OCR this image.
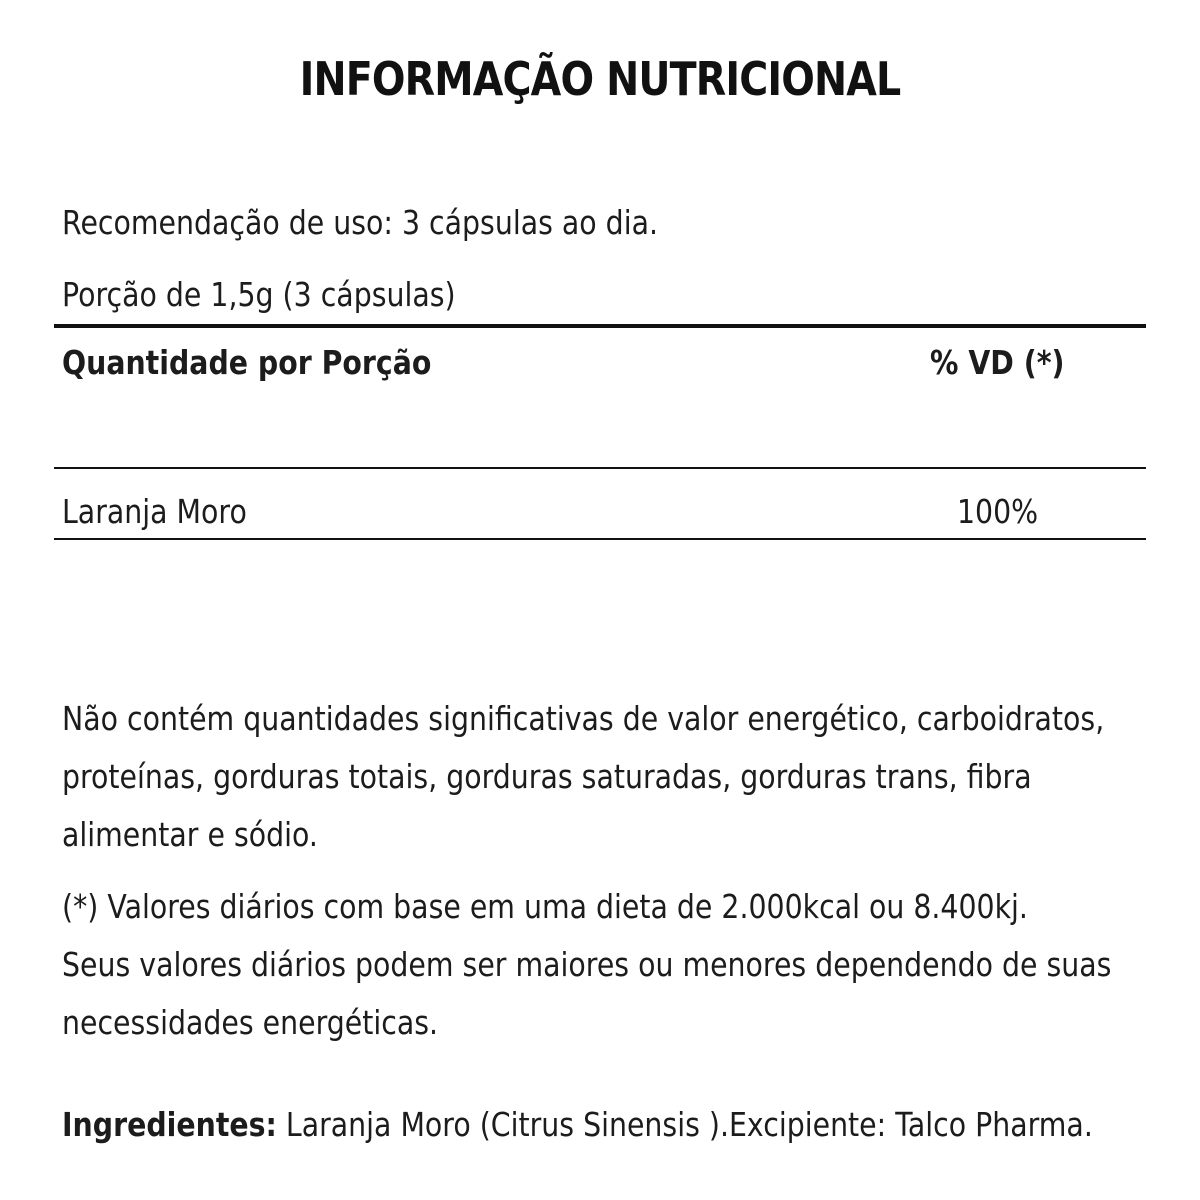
INFORMAÇÃO NUTRICIONAL
Recomendação de uso: 3 cápsulas ao dia.
Porção de 1,5g (3 cápsulas)
Quantidade por Porção	% VD (*)
Laranja Moro	100%
Não contém quantidades significativas de valor energético, carboidratos,
proteínas, gorduras totais, gorduras saturadas, gorduras trans, fibra
alimentar e sódio.
(*) Valores diários com base em uma dieta de 2.000kcal ou 8.400kj.
Seus valores diários podem ser maiores ou menores dependendo de suas
necessidades energéticas.
Ingredientes: Laranja Moro (Citrus Sinensis ).Excipiente: Talco Pharma.
